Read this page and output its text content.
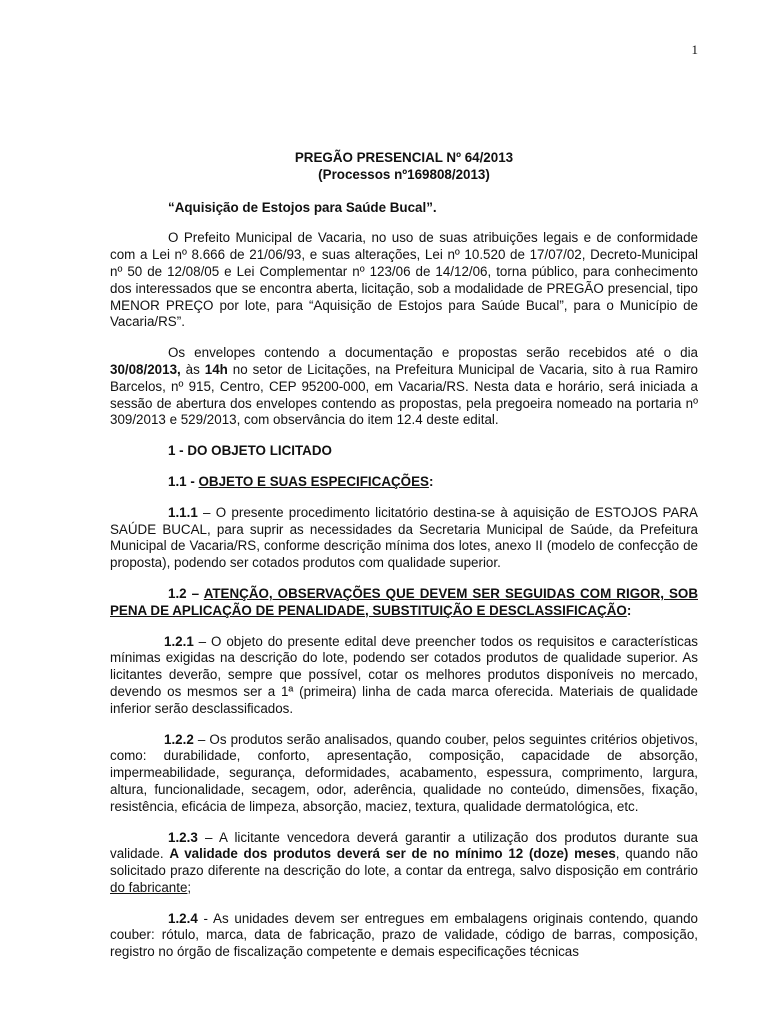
1
PREGÃO PRESENCIAL Nº 64/2013
(Processos nº169808/2013)

“Aquisição de Estojos para Saúde Bucal”.

O Prefeito Municipal de Vacaria, no uso de suas atribuições legais e de conformidade com a Lei nº 8.666 de 21/06/93, e suas alterações, Lei nº 10.520 de 17/07/02, Decreto-Municipal nº 50 de 12/08/05 e Lei Complementar nº 123/06 de 14/12/06, torna público, para conhecimento dos interessados que se encontra aberta, licitação, sob a modalidade de PREGÃO presencial, tipo MENOR PREÇO por lote, para “Aquisição de Estojos para Saúde Bucal”, para o Município de Vacaria/RS”.

Os envelopes contendo a documentação e propostas serão recebidos até o dia 30/08/2013, às 14h no setor de Licitações, na Prefeitura Municipal de Vacaria, sito à rua Ramiro Barcelos, nº 915, Centro, CEP 95200-000, em Vacaria/RS. Nesta data e horário, será iniciada a sessão de abertura dos envelopes contendo as propostas, pela pregoeira nomeado na portaria nº 309/2013 e 529/2013, com observância do item 12.4 deste edital.

1 - DO OBJETO LICITADO

1.1 - OBJETO E SUAS ESPECIFICAÇÕES:

1.1.1 – O presente procedimento licitatório destina-se à aquisição de ESTOJOS PARA SAÚDE BUCAL, para suprir as necessidades da Secretaria Municipal de Saúde, da Prefeitura Municipal de Vacaria/RS, conforme descrição mínima dos lotes, anexo II (modelo de confecção de proposta), podendo ser cotados produtos com qualidade superior.

1.2 – ATENÇÃO, OBSERVAÇÕES QUE DEVEM SER SEGUIDAS COM RIGOR, SOB PENA DE APLICAÇÃO DE PENALIDADE, SUBSTITUIÇÃO E DESCLASSIFICAÇÃO:

1.2.1 – O objeto do presente edital deve preencher todos os requisitos e características mínimas exigidas na descrição do lote, podendo ser cotados produtos de qualidade superior. As licitantes deverão, sempre que possível, cotar os melhores produtos disponíveis no mercado, devendo os mesmos ser a 1ª (primeira) linha de cada marca oferecida. Materiais de qualidade inferior serão desclassificados.

1.2.2 – Os produtos serão analisados, quando couber, pelos seguintes critérios objetivos, como: durabilidade, conforto, apresentação, composição, capacidade de absorção, impermeabilidade, segurança, deformidades, acabamento, espessura, comprimento, largura, altura, funcionalidade, secagem, odor, aderência, qualidade no conteúdo, dimensões, fixação, resistência, eficácia de limpeza, absorção, maciez, textura, qualidade dermatológica, etc.

1.2.3 – A licitante vencedora deverá garantir a utilização dos produtos durante sua validade. A validade dos produtos deverá ser de no mínimo 12 (doze) meses, quando não solicitado prazo diferente na descrição do lote, a contar da entrega, salvo disposição em contrário do fabricante;

1.2.4 - As unidades devem ser entregues em embalagens originais contendo, quando couber: rótulo, marca, data de fabricação, prazo de validade, código de barras, composição, registro no órgão de fiscalização competente e demais especificações técnicas
